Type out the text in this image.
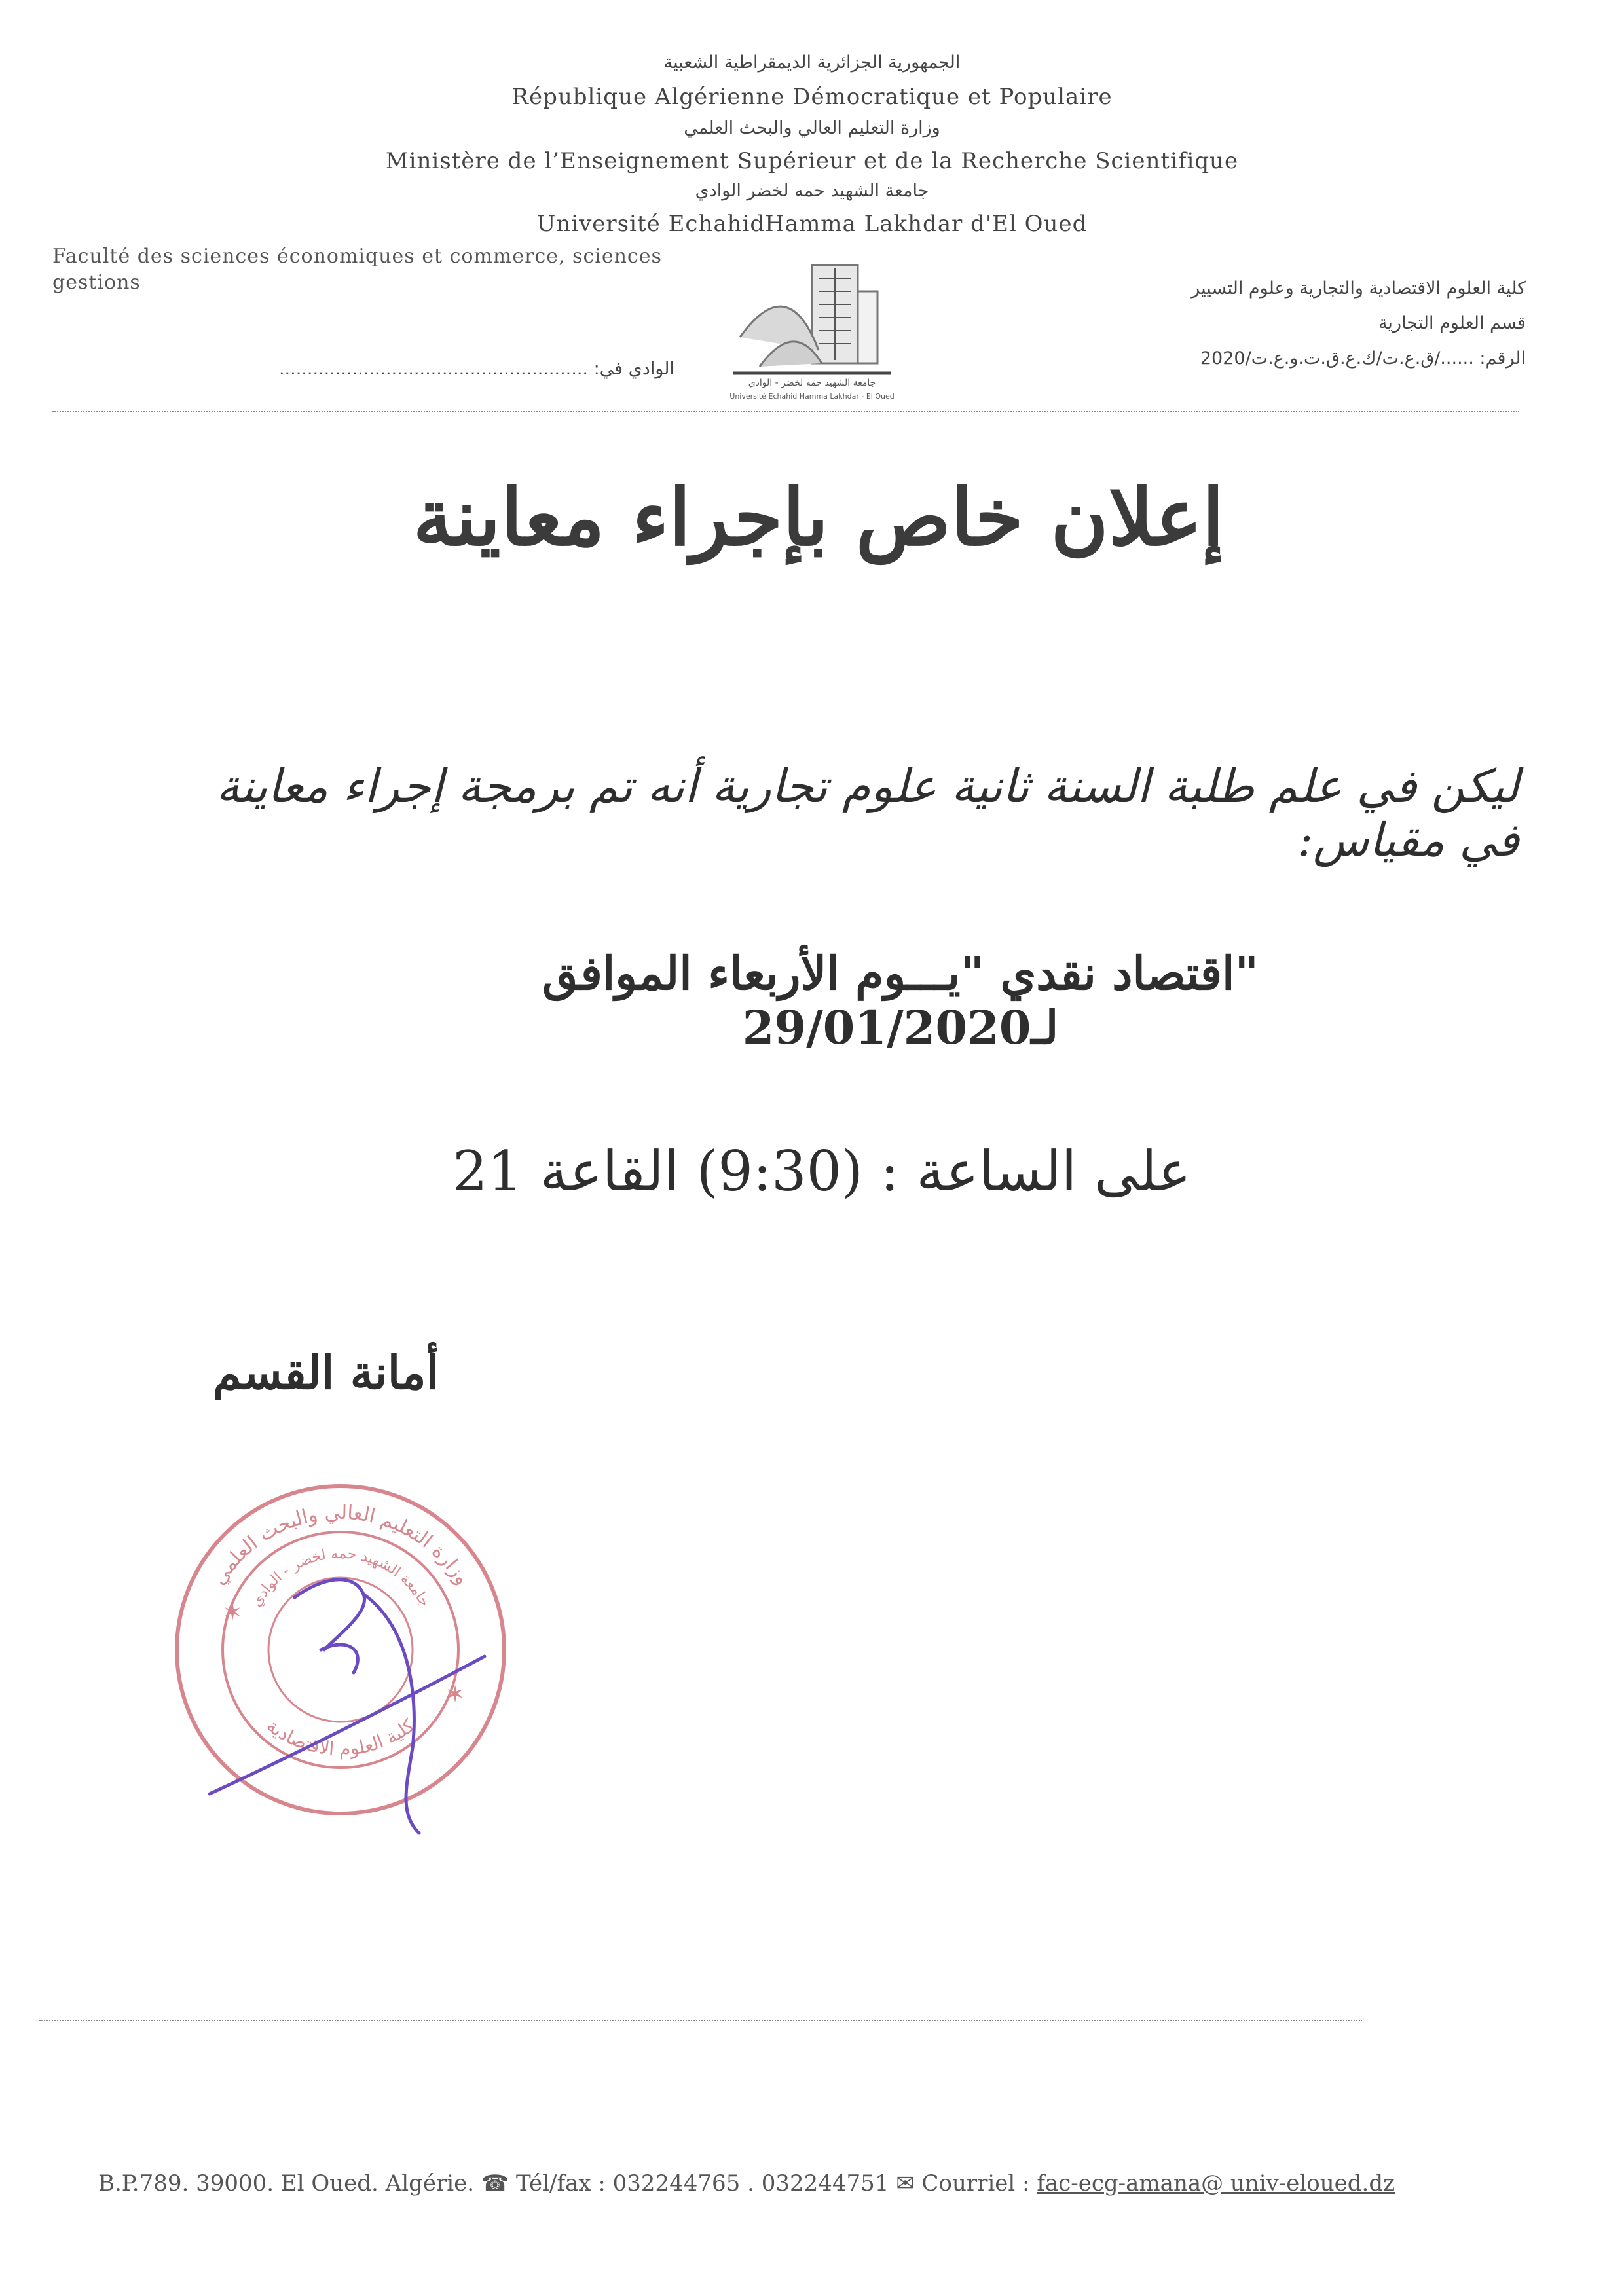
الجمهورية الجزائرية الديمقراطية الشعبية
République Algérienne Démocratique et Populaire
وزارة التعليم العالي والبحث العلمي
Ministère de l’Enseignement Supérieur et de la Recherche Scientifique
جامعة الشهيد حمه لخضر الوادي
Université EchahidHamma Lakhdar d'El Oued
Faculté des sciences économiques et commerce, sciences
gestions	كلية العلوم الاقتصادية والتجارية وعلوم التسيير
قسم العلوم التجارية
الرقم: ....../ق.ع.ت/ك.ع.ق.ت.و.ع.ت/2020
الوادي في: .......................................................
جامعة الشهيد حمه لخضر - الوادي
Université Echahid Hamma Lakhdar - El Oued
إعلان خاص بإجراء معاينة
ليكن في علم طلبة السنة ثانية علوم تجارية أنه تم برمجة إجراء معاينة في مقياس:
"اقتصاد نقدي "يـــوم الأربعاء الموافق لـ29/01/2020
على الساعة : (9:30) القاعة 21
أمانة القسم
وزارة التعليم العالي والبحث العلمي
جامعة الشهيد حمه لخضر - الوادي
كلية العلوم الاقتصادية
✶
✶
B.P.789. 39000. El Oued. Algérie. ☎ Tél/fax : 032244765 . 032244751 ✉ Courriel : fac-ecg-amana@ univ-eloued.dz
